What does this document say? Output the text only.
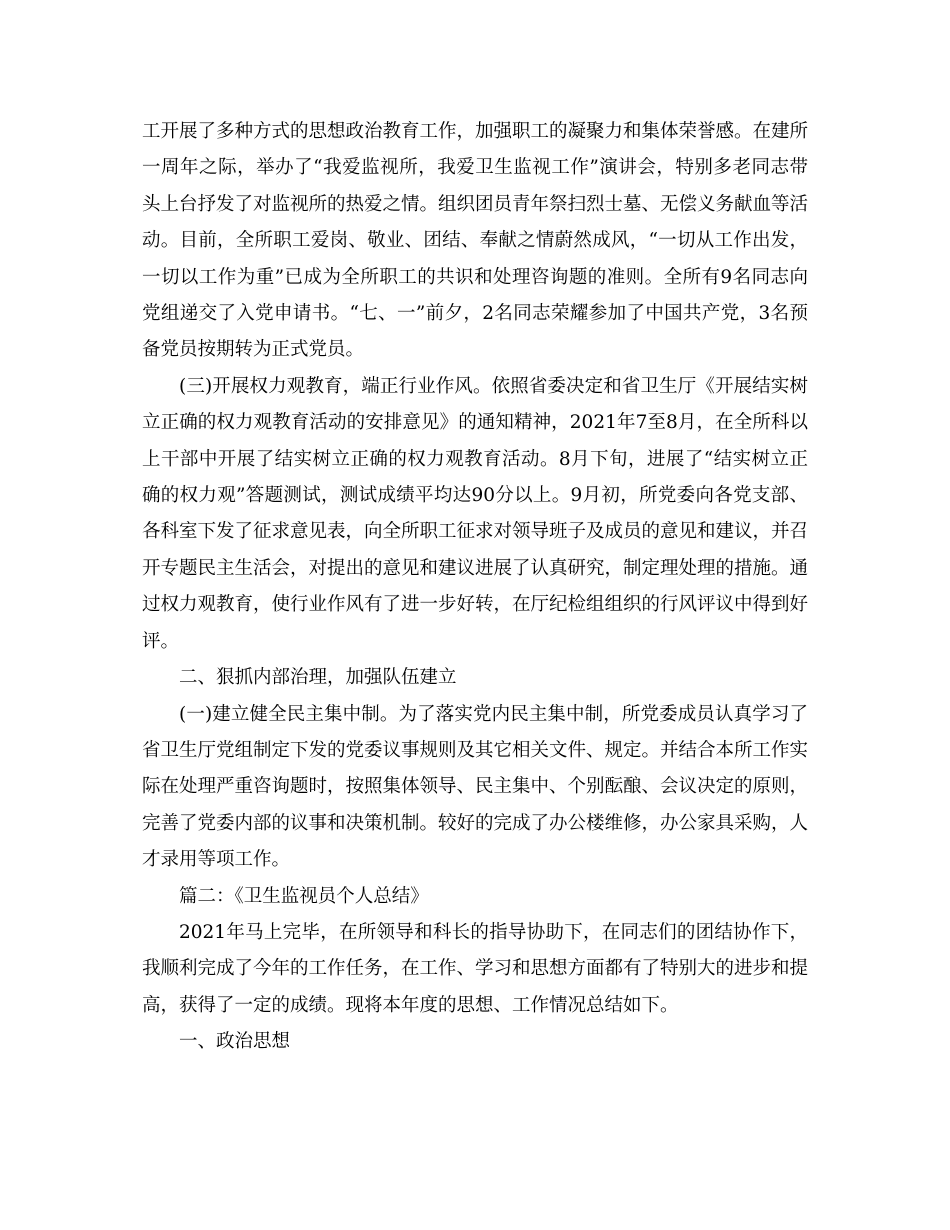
工开展了多种方式的思想政治教育工作，加强职工的凝聚力和集体荣誉感。在建所一周年之际，举办了“我爱监视所，我爱卫生监视工作”演讲会，特别多老同志带头上台抒发了对监视所的热爱之情。组织团员青年祭扫烈士墓、无偿义务献血等活动。目前，全所职工爱岗、敬业、团结、奉献之情蔚然成风，“一切从工作出发，一切以工作为重”已成为全所职工的共识和处理咨询题的准则。全所有9名同志向党组递交了入党申请书。“七、一”前夕，2名同志荣耀参加了中国共产党，3名预备党员按期转为正式党员。

(三)开展权力观教育，端正行业作风。依照省委决定和省卫生厅《开展结实树立正确的权力观教育活动的安排意见》的通知精神，2021年7至8月，在全所科以上干部中开展了结实树立正确的权力观教育活动。8月下旬，进展了“结实树立正确的权力观”答题测试，测试成绩平均达90分以上。9月初，所党委向各党支部、各科室下发了征求意见表，向全所职工征求对领导班子及成员的意见和建议，并召开专题民主生活会，对提出的意见和建议进展了认真研究，制定理处理的措施。通过权力观教育，使行业作风有了进一步好转，在厅纪检组组织的行风评议中得到好评。

二、狠抓内部治理，加强队伍建立

(一)建立健全民主集中制。为了落实党内民主集中制，所党委成员认真学习了省卫生厅党组制定下发的党委议事规则及其它相关文件、规定。并结合本所工作实际在处理严重咨询题时，按照集体领导、民主集中、个别酝酿、会议决定的原则，完善了党委内部的议事和决策机制。较好的完成了办公楼维修，办公家具采购，人才录用等项工作。

篇二：《卫生监视员个人总结》

2021年马上完毕，在所领导和科长的指导协助下，在同志们的团结协作下，我顺利完成了今年的工作任务，在工作、学习和思想方面都有了特别大的进步和提高，获得了一定的成绩。现将本年度的思想、工作情况总结如下。

一、政治思想
